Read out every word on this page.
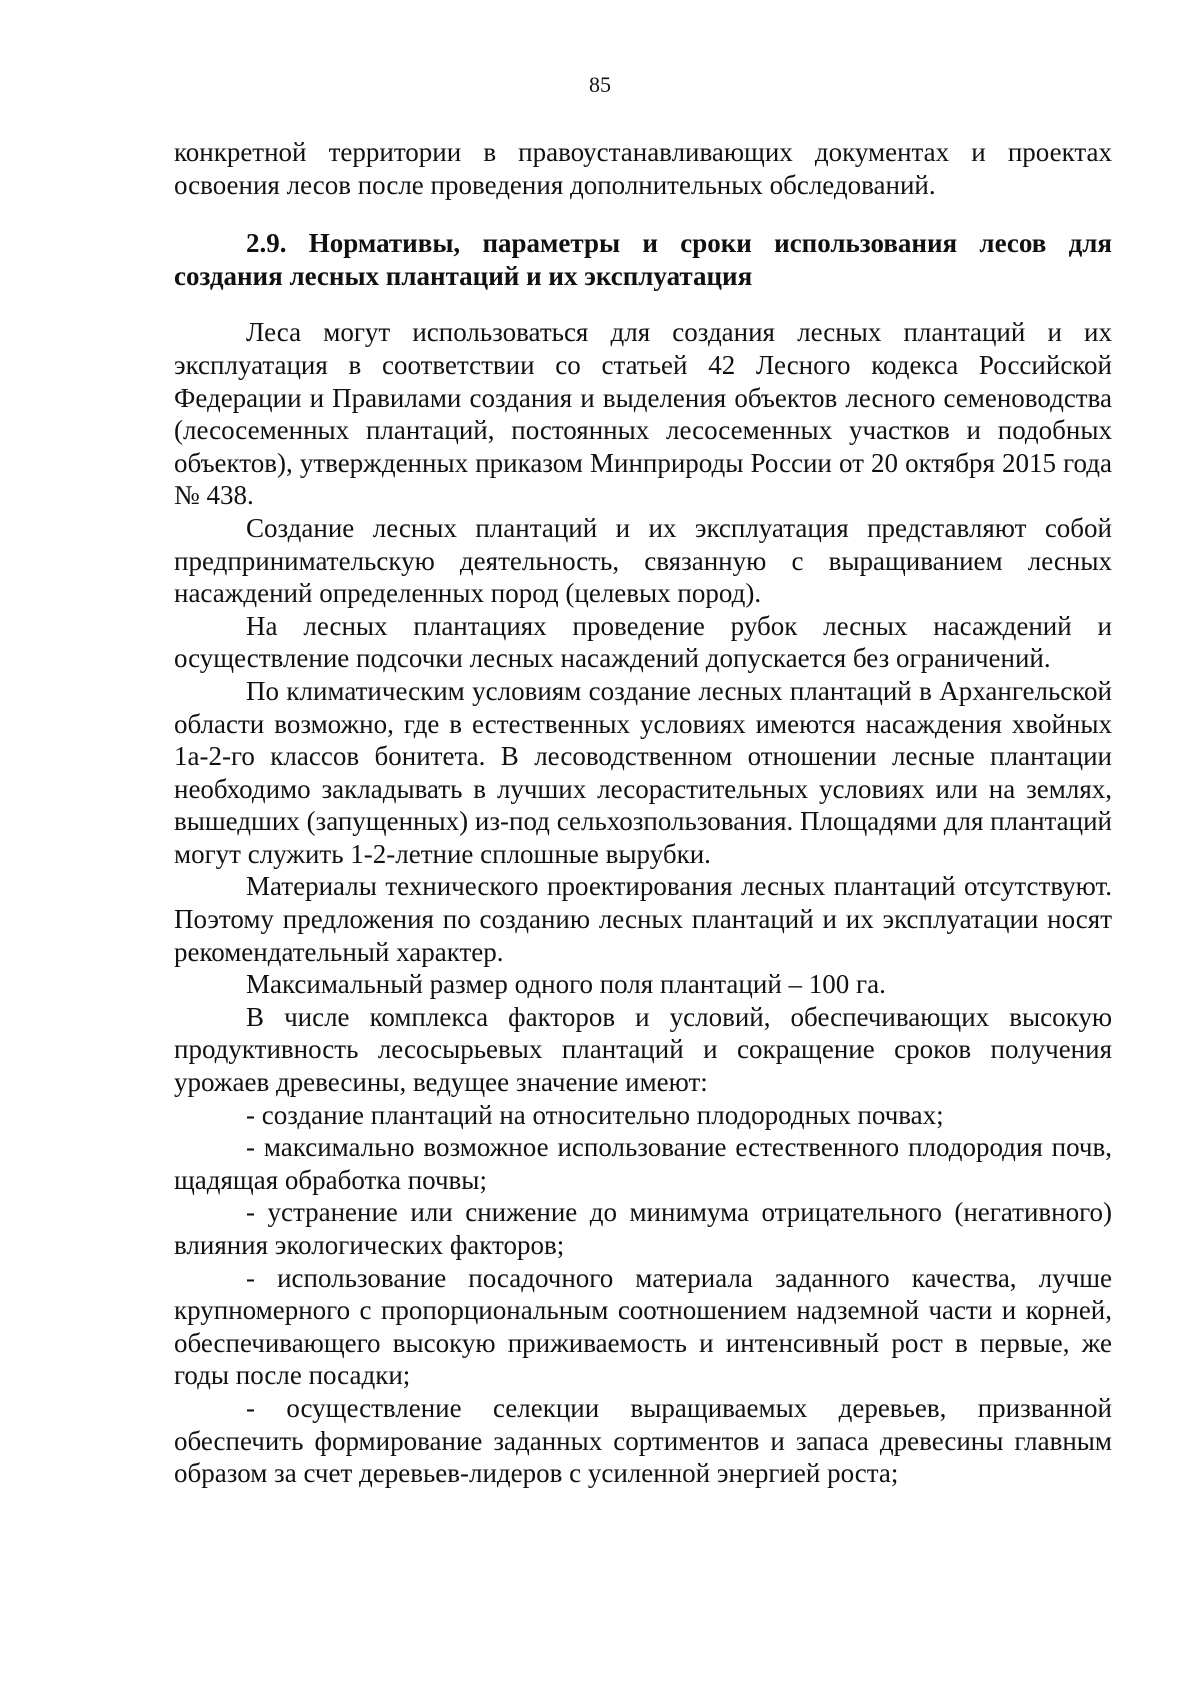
85

конкретной территории в правоустанавливающих документах и проектах освоения лесов после проведения дополнительных обследований.

2.9. Нормативы, параметры и сроки использования лесов для создания лесных плантаций и их эксплуатация

Леса могут использоваться для создания лесных плантаций и их эксплуатация в соответствии со статьей 42 Лесного кодекса Российской Федерации и Правилами создания и выделения объектов лесного семеноводства (лесосеменных плантаций, постоянных лесосеменных участков и подобных объектов), утвержденных приказом Минприроды России от 20 октября 2015 года № 438.

Создание лесных плантаций и их эксплуатация представляют собой предпринимательскую деятельность, связанную с выращиванием лесных насаждений определенных пород (целевых пород).

На лесных плантациях проведение рубок лесных насаждений и осуществление подсочки лесных насаждений допускается без ограничений.

По климатическим условиям создание лесных плантаций в Архангельской области возможно, где в естественных условиях имеются насаждения хвойных 1а-2-го классов бонитета. В лесоводственном отношении лесные плантации необходимо закладывать в лучших лесорастительных условиях или на землях, вышедших (запущенных) из-под сельхозпользования. Площадями для плантаций могут служить 1-2-летние сплошные вырубки.

Материалы технического проектирования лесных плантаций отсутствуют. Поэтому предложения по созданию лесных плантаций и их эксплуатации носят рекомендательный характер.

Максимальный размер одного поля плантаций – 100 га.

В числе комплекса факторов и условий, обеспечивающих высокую продуктивность лесосырьевых плантаций и сокращение сроков получения урожаев древесины, ведущее значение имеют:

- создание плантаций на относительно плодородных почвах;

- максимально возможное использование естественного плодородия почв, щадящая обработка почвы;

- устранение или снижение до минимума отрицательного (негативного) влияния экологических факторов;

- использование посадочного материала заданного качества, лучше крупномерного с пропорциональным соотношением надземной части и корней, обеспечивающего высокую приживаемость и интенсивный рост в первые, же годы после посадки;

- осуществление селекции выращиваемых деревьев, призванной обеспечить формирование заданных сортиментов и запаса древесины главным образом за счет деревьев-лидеров с усиленной энергией роста;
